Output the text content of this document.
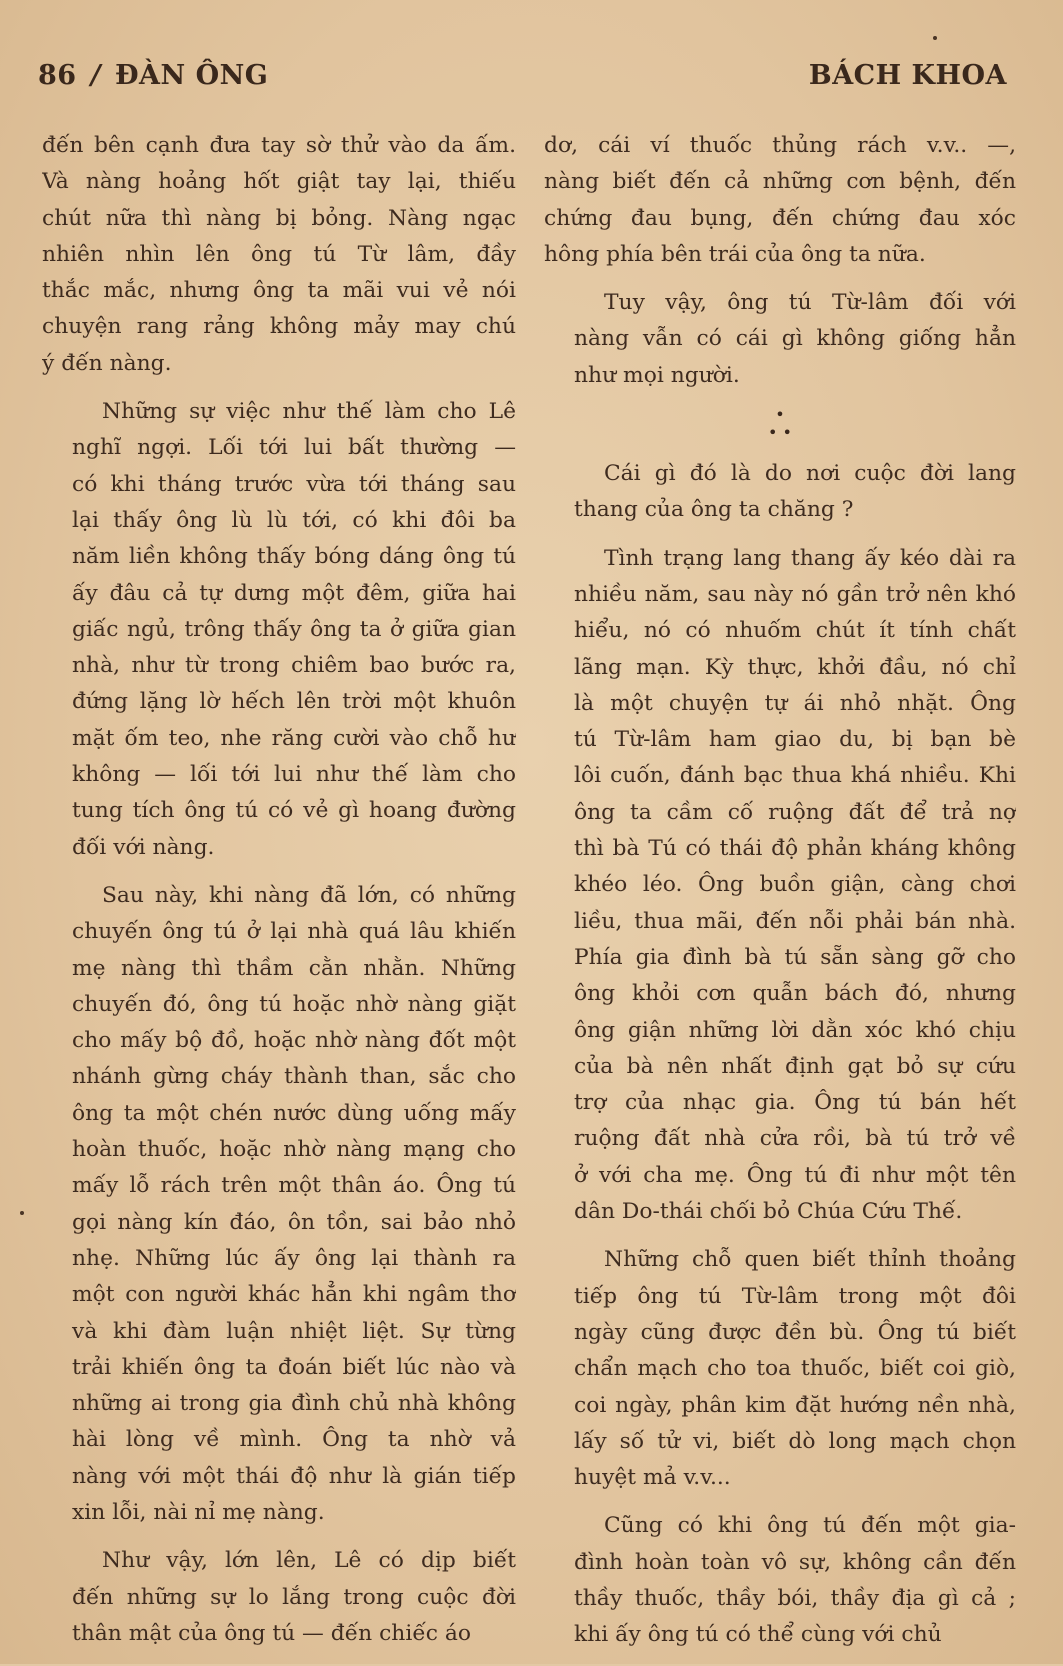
86 / ĐÀN ÔNG	BÁCH KHOA

đến bên cạnh đưa tay sờ thử vào da ấm.
Và nàng hoảng hốt giật tay lại, thiếu
chút nữa thì nàng bị bỏng. Nàng ngạc
nhiên nhìn lên ông tú Từ lâm, đầy
thắc mắc, nhưng ông ta mãi vui vẻ nói
chuyện rang rảng không mảy may chú
ý đến nàng.

Những sự việc như thế làm cho Lê
nghĩ ngợi. Lối tới lui bất thường —
có khi tháng trước vừa tới tháng sau
lại thấy ông lù lù tới, có khi đôi ba
năm liền không thấy bóng dáng ông tú
ấy đâu cả tự dưng một đêm, giữa hai
giấc ngủ, trông thấy ông ta ở giữa gian
nhà, như từ trong chiêm bao bước ra,
đứng lặng lờ hếch lên trời một khuôn
mặt ốm teo, nhe răng cười vào chỗ hư
không — lối tới lui như thế làm cho
tung tích ông tú có vẻ gì hoang đường
đối với nàng.

Sau này, khi nàng đã lớn, có những
chuyến ông tú ở lại nhà quá lâu khiến
mẹ nàng thì thầm cằn nhằn. Những
chuyến đó, ông tú hoặc nhờ nàng giặt
cho mấy bộ đồ, hoặc nhờ nàng đốt một
nhánh gừng cháy thành than, sắc cho
ông ta một chén nước dùng uống mấy
hoàn thuốc, hoặc nhờ nàng mạng cho
mấy lỗ rách trên một thân áo. Ông tú
gọi nàng kín đáo, ôn tồn, sai bảo nhỏ
nhẹ. Những lúc ấy ông lại thành ra
một con người khác hẳn khi ngâm thơ
và khi đàm luận nhiệt liệt. Sự từng
trải khiến ông ta đoán biết lúc nào và
những ai trong gia đình chủ nhà không
hài lòng về mình. Ông ta nhờ vả
nàng với một thái độ như là gián tiếp
xin lỗi, nài nỉ mẹ nàng.

Như vậy, lớn lên, Lê có dịp biết
đến những sự lo lắng trong cuộc đời
thân mật của ông tú — đến chiếc áo

dơ, cái ví thuốc thủng rách v.v.. —,
nàng biết đến cả những cơn bệnh, đến
chứng đau bụng, đến chứng đau xóc
hông phía bên trái của ông ta nữa.

Tuy vậy, ông tú Từ-lâm đối với
nàng vẫn có cái gì không giống hẳn
như mọi người.

•
• •

Cái gì đó là do nơi cuộc đời lang
thang của ông ta chăng ?

Tình trạng lang thang ấy kéo dài ra
nhiều năm, sau này nó gần trở nên khó
hiểu, nó có nhuốm chút ít tính chất
lãng mạn. Kỳ thực, khởi đầu, nó chỉ
là một chuyện tự ái nhỏ nhặt. Ông
tú Từ-lâm ham giao du, bị bạn bè
lôi cuốn, đánh bạc thua khá nhiều. Khi
ông ta cầm cố ruộng đất để trả nợ
thì bà Tú có thái độ phản kháng không
khéo léo. Ông buồn giận, càng chơi
liều, thua mãi, đến nỗi phải bán nhà.
Phía gia đình bà tú sẵn sàng gỡ cho
ông khỏi cơn quẫn bách đó, nhưng
ông giận những lời dằn xóc khó chịu
của bà nên nhất định gạt bỏ sự cứu
trợ của nhạc gia. Ông tú bán hết
ruộng đất nhà cửa rồi, bà tú trở về
ở với cha mẹ. Ông tú đi như một tên
dân Do-thái chối bỏ Chúa Cứu Thế.

Những chỗ quen biết thỉnh thoảng
tiếp ông tú Từ-lâm trong một đôi
ngày cũng được đền bù. Ông tú biết
chẩn mạch cho toa thuốc, biết coi giò,
coi ngày, phân kim đặt hướng nền nhà,
lấy số tử vi, biết dò long mạch chọn
huyệt mả v.v...

Cũng có khi ông tú đến một gia-
đình hoàn toàn vô sự, không cần đến
thầy thuốc, thầy bói, thầy địa gì cả ;
khi ấy ông tú có thể cùng với chủ
